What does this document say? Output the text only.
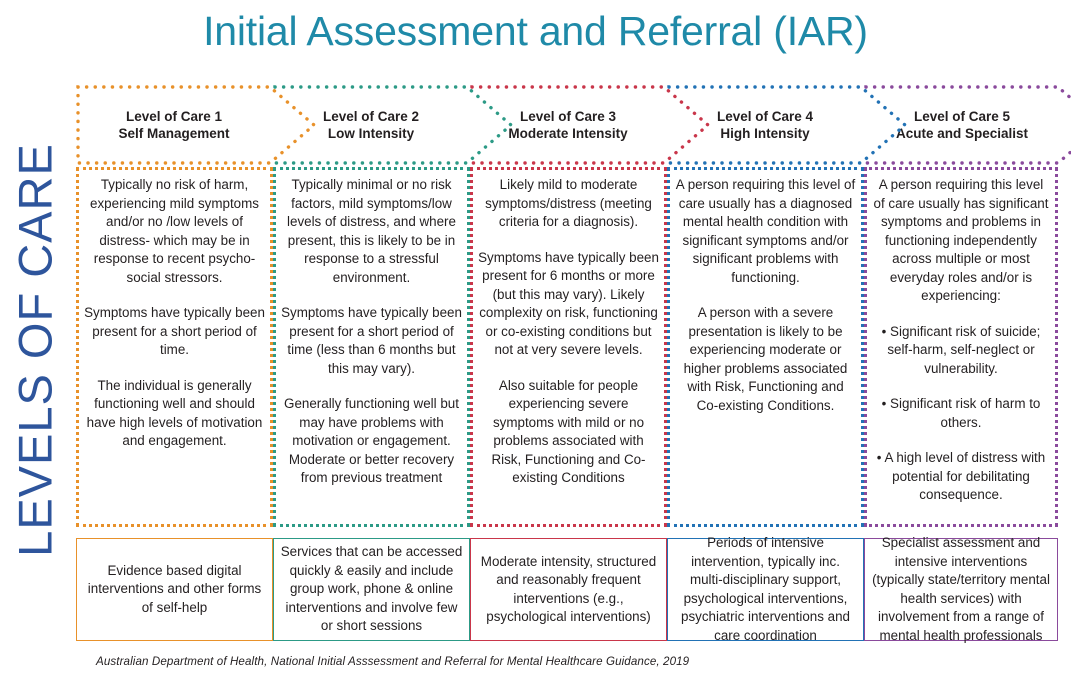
Initial Assessment and Referral (IAR)
LEVELS OF CARE
Level of Care 1
Self Management
Level of Care 2
Low Intensity
Level of Care 3
Moderate Intensity
Level of Care 4
High Intensity
Level of Care 5
Acute and Specialist

Typically no risk of harm, experiencing mild symptoms and/or no /low levels of distress- which may be in response to recent psycho-social stressors.

Symptoms have typically been present for a short period of time.

The individual is generally functioning well and should have high levels of motivation and engagement.

Typically minimal or no risk factors, mild symptoms/low levels of distress, and where present, this is likely to be in response to a stressful environment.

Symptoms have typically been present for a short period of time (less than 6 months but this may vary).

Generally functioning well but may have problems with motivation or engagement. Moderate or better recovery from previous treatment

Likely mild to moderate symptoms/distress (meeting criteria for a diagnosis).

Symptoms have typically been present for 6 months or more (but this may vary). Likely complexity on risk, functioning or co-existing conditions but not at very severe levels.

Also suitable for people experiencing severe symptoms with mild or no problems associated with Risk, Functioning and Co-existing Conditions

A person requiring this level of care usually has a diagnosed mental health condition with significant symptoms and/or significant problems with functioning.

A person with a severe presentation is likely to be experiencing moderate or higher problems associated with Risk, Functioning and Co-existing Conditions.

A person requiring this level of care usually has significant symptoms and problems in functioning independently across multiple or most everyday roles and/or is experiencing:

• Significant risk of suicide; self-harm, self-neglect or vulnerability.

• Significant risk of harm to others.

• A high level of distress with potential for debilitating consequence.

Evidence based digital interventions and other forms of self-help
Services that can be accessed quickly & easily and include group work, phone & online interventions and involve few or short sessions
Moderate intensity, structured and reasonably frequent interventions (e.g., psychological interventions)
Periods of intensive intervention, typically inc. multi-disciplinary support, psychological interventions, psychiatric interventions and care coordination
Specialist assessment and intensive interventions (typically state/territory mental health services) with involvement from a range of mental health professionals
Australian Department of Health, National Initial Asssessment and Referral for Mental Healthcare Guidance, 2019
